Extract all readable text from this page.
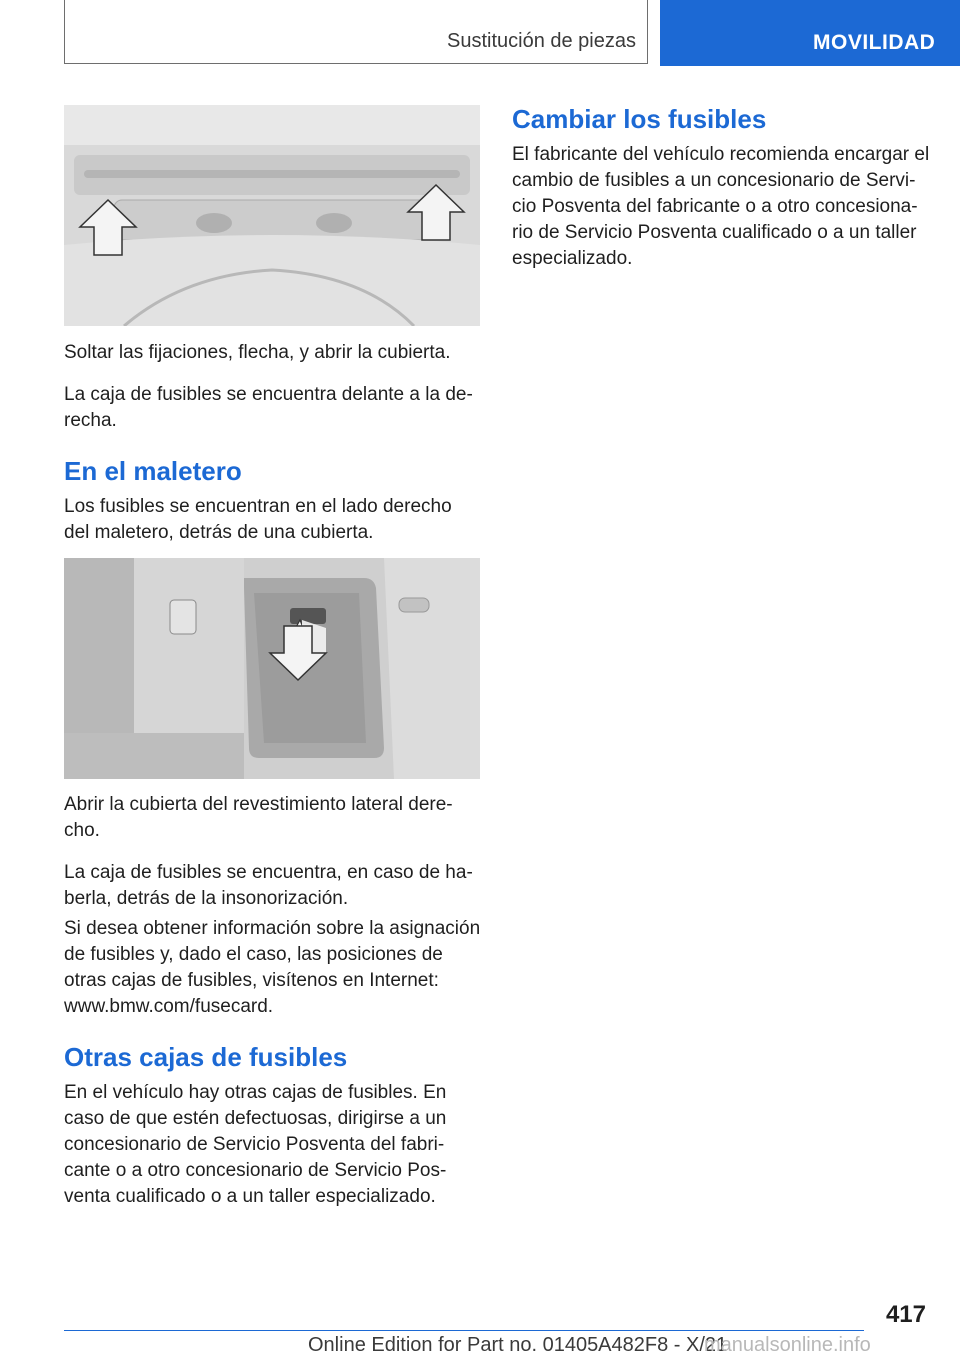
Sustitución de piezas	MOVILIDAD

Soltar las fijaciones, flecha, y abrir la cubierta.

La caja de fusibles se encuentra delante a la de-recha.

En el maletero

Los fusibles se encuentran en el lado derecho del maletero, detrás de una cubierta.

Abrir la cubierta del revestimiento lateral dere-cho.

La caja de fusibles se encuentra, en caso de ha-berla, detrás de la insonorización.

Si desea obtener información sobre la asignación de fusibles y, dado el caso, las posiciones de otras cajas de fusibles, visítenos en Internet: www.bmw.com/fusecard.

Otras cajas de fusibles

En el vehículo hay otras cajas de fusibles. En caso de que estén defectuosas, dirigirse a un concesionario de Servicio Posventa del fabri-cante o a otro concesionario de Servicio Pos-venta cualificado o a un taller especializado.

Cambiar los fusibles

El fabricante del vehículo recomienda encargar el cambio de fusibles a un concesionario de Servi-cio Posventa del fabricante o a otro concesiona-rio de Servicio Posventa cualificado o a un taller especializado.

417
Online Edition for Part no. 01405A482F8 - X/21
manualsonline.info
